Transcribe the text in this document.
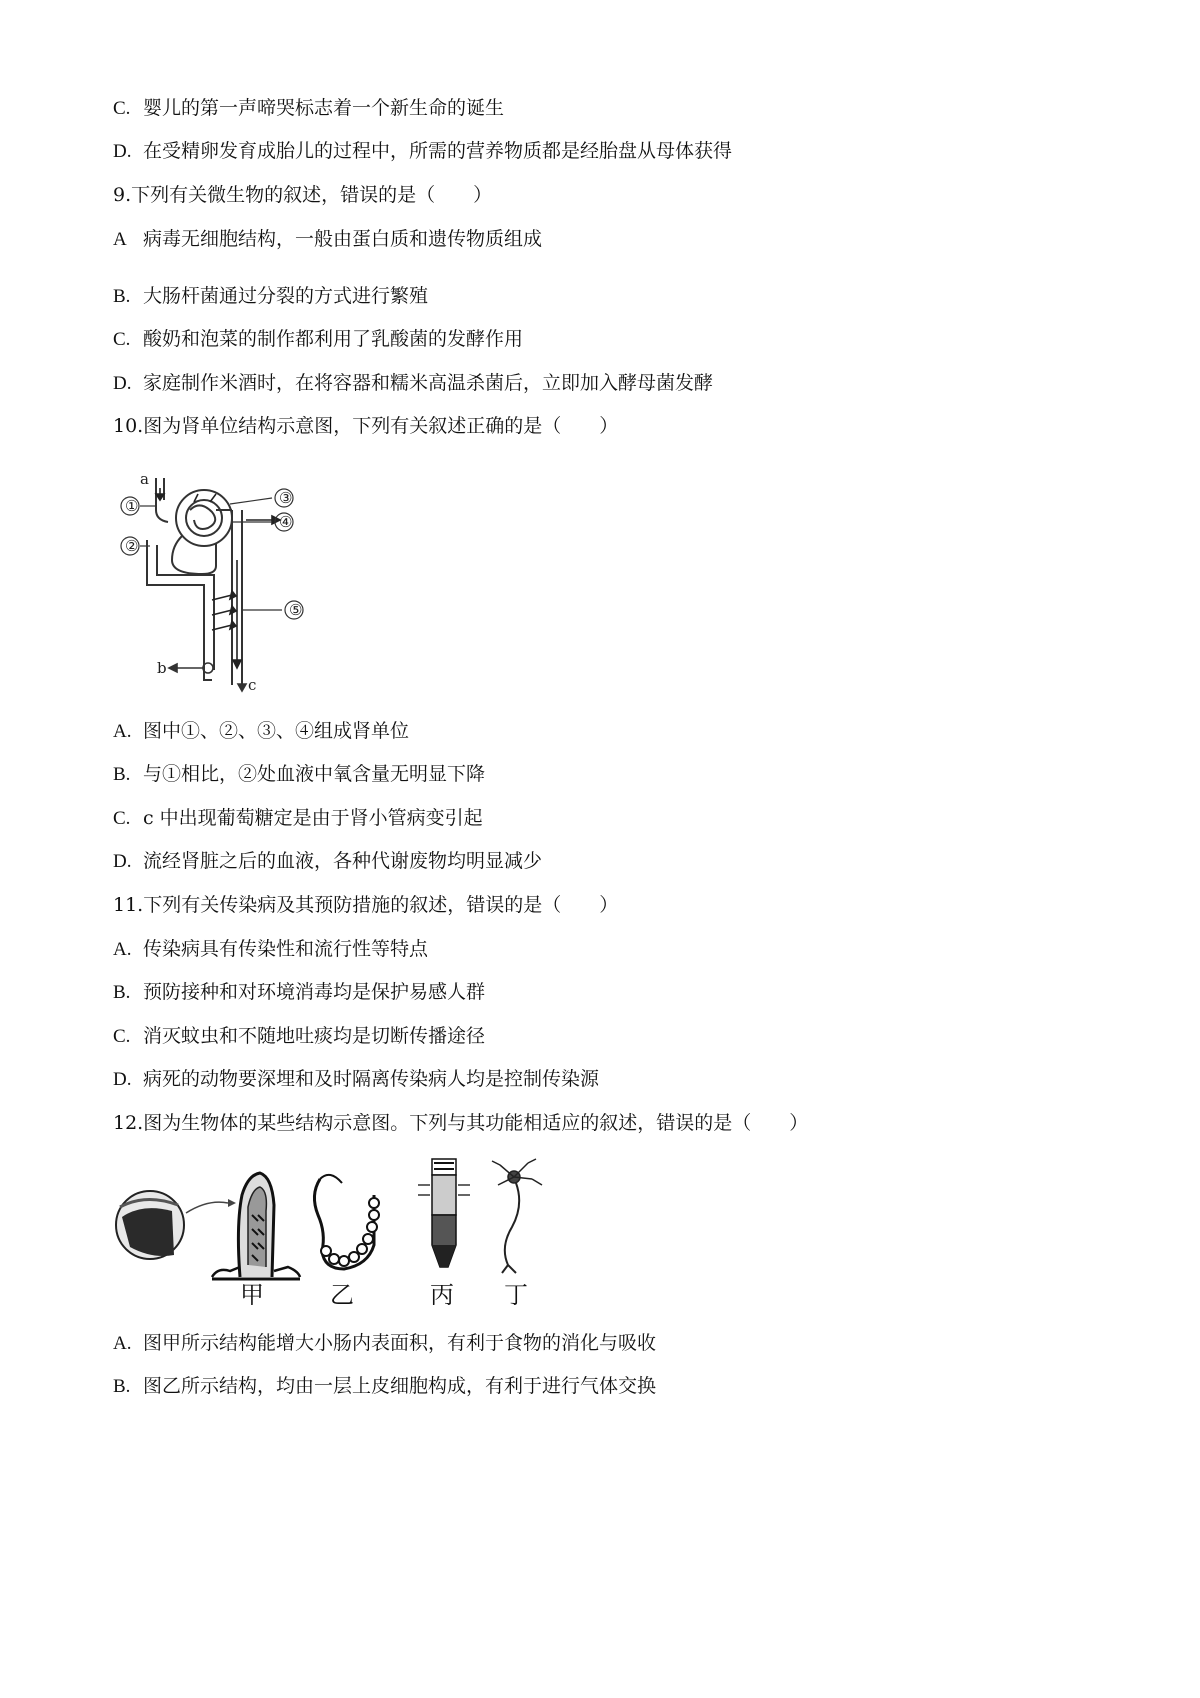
C. 婴儿的第一声啼哭标志着一个新生命的诞生
D. 在受精卵发育成胎儿的过程中，所需的营养物质都是经胎盘从母体获得
9.下列有关微生物的叙述，错误的是（　　）
A 病毒无细胞结构，一般由蛋白质和遗传物质组成
B. 大肠杆菌通过分裂的方式进行繁殖
C. 酸奶和泡菜的制作都利用了乳酸菌的发酵作用
D. 家庭制作米酒时，在将容器和糯米高温杀菌后，立即加入酵母菌发酵
10.图为肾单位结构示意图，下列有关叙述正确的是（　　）
a
①
②
③
④
⑤
b
c
A. 图中①、②、③、④组成肾单位
B. 与①相比，②处血液中氧含量无明显下降
C. c 中出现葡萄糖定是由于肾小管病变引起
D. 流经肾脏之后的血液，各种代谢废物均明显减少
11.下列有关传染病及其预防措施的叙述，错误的是（　　）
A. 传染病具有传染性和流行性等特点
B. 预防接种和对环境消毒均是保护易感人群
C. 消灭蚊虫和不随地吐痰均是切断传播途径
D. 病死的动物要深埋和及时隔离传染病人均是控制传染源
12.图为生物体的某些结构示意图。下列与其功能相适应的叙述，错误的是（　　）
甲	乙	丙 丁
A. 图甲所示结构能增大小肠内表面积，有利于食物的消化与吸收
B. 图乙所示结构，均由一层上皮细胞构成，有利于进行气体交换
